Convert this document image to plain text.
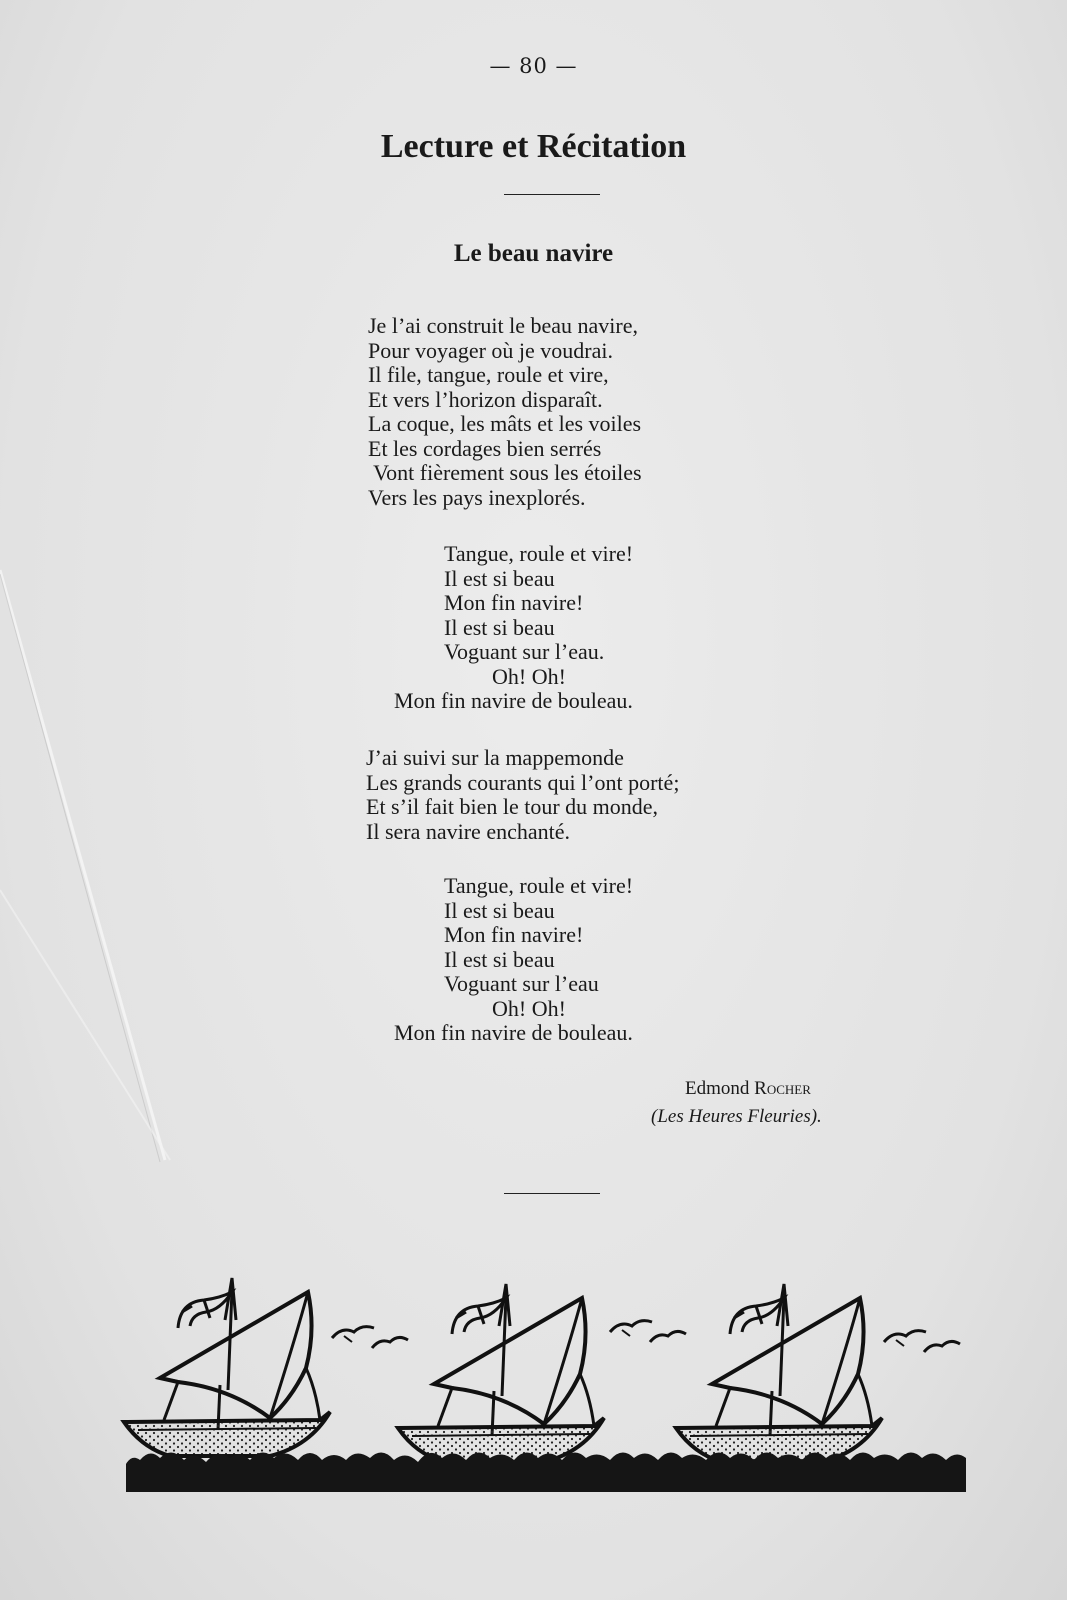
— 80 —
Lecture et Récitation
Le beau navire
Je l’ai construit le beau navire,
Pour voyager où je voudrai.
Il file, tangue, roule et vire,
Et vers l’horizon disparaît.
La coque, les mâts et les voiles
Et les cordages bien serrés
Vont fièrement sous les étoiles
Vers les pays inexplorés.
Tangue, roule et vire!
Il est si beau
Mon fin navire!
Il est si beau
Voguant sur l’eau.
Oh! Oh!
Mon fin navire de bouleau.
J’ai suivi sur la mappemonde
Les grands courants qui l’ont porté;
Et s’il fait bien le tour du monde,
Il sera navire enchanté.
Tangue, roule et vire!
Il est si beau
Mon fin navire!
Il est si beau
Voguant sur l’eau
Oh! Oh!
Mon fin navire de bouleau.
Edmond Rocher
(Les Heures Fleuries).
